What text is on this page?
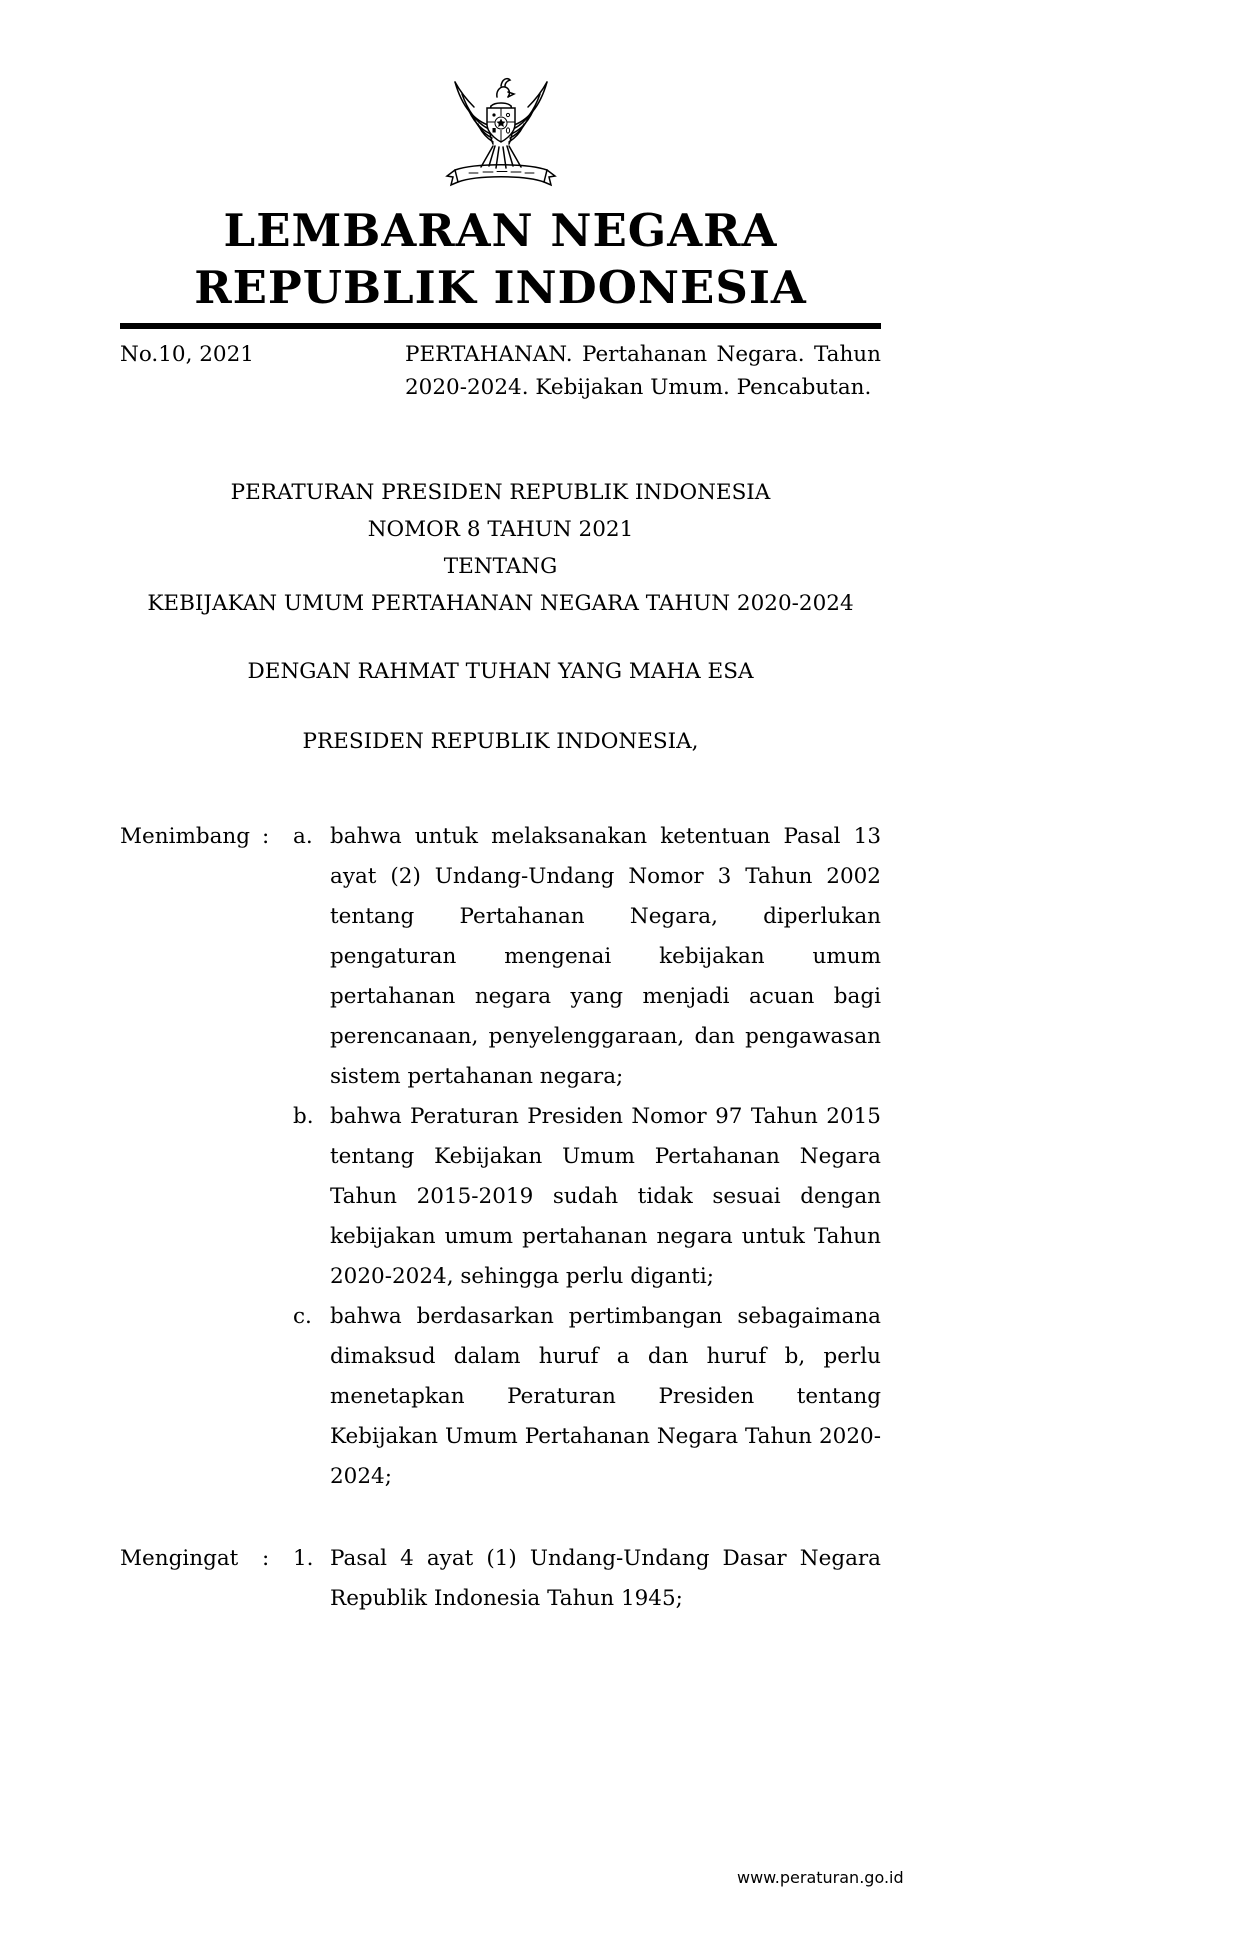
LEMBARAN NEGARA
REPUBLIK INDONESIA
No.10, 2021	PERTAHANAN. Pertahanan Negara. Tahun 2020-2024. Kebijakan Umum. Pencabutan.
PERATURAN PRESIDEN REPUBLIK INDONESIA
NOMOR 8 TAHUN 2021
TENTANG
KEBIJAKAN UMUM PERTAHANAN NEGARA TAHUN 2020-2024
DENGAN RAHMAT TUHAN YANG MAHA ESA
PRESIDEN REPUBLIK INDONESIA,
Menimbang :	a. bahwa untuk melaksanakan ketentuan Pasal 13 ayat (2) Undang-Undang Nomor 3 Tahun 2002 tentang Pertahanan Negara, diperlukan pengaturan mengenai kebijakan umum pertahanan negara yang menjadi acuan bagi perencanaan, penyelenggaraan, dan pengawasan sistem pertahanan negara;
b. bahwa Peraturan Presiden Nomor 97 Tahun 2015 tentang Kebijakan Umum Pertahanan Negara Tahun 2015-2019 sudah tidak sesuai dengan kebijakan umum pertahanan negara untuk Tahun 2020-2024, sehingga perlu diganti;
c. bahwa berdasarkan pertimbangan sebagaimana dimaksud dalam huruf a dan huruf b, perlu menetapkan Peraturan Presiden tentang Kebijakan Umum Pertahanan Negara Tahun 2020-2024;
Mengingat	:	1. Pasal 4 ayat (1) Undang-Undang Dasar Negara Republik Indonesia Tahun 1945;
www.peraturan.go.id
